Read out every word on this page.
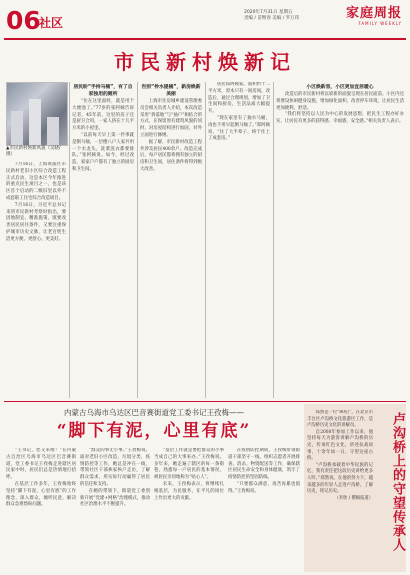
06
社区
2020年7月31日 星期五
责编 / 苗继春 美编 / 罗万玮	家庭周报
FAMILY WEEKLY
市民新村焕新记
▲市民新村焕新风貌（吴晓/摄）

7月16日，上海黄浦区市民新村老旧小区综合改造工程正式启动，这是本区今年推进的重点民生项目之一，也是该区首个启动的二级旧里以外不成套职工住宅综合改造项目。

7月16日，习近平总书记来到市民新村考察时指出，要因地制宜、精准施策，既要改善居民居住条件，又要注重保护城市历史文脉，让老百姓生活更方便、更舒心、更美好。

居民盼“手持马桶”，有了自家独用的厕所

“住在这里面时，就是用个大便池了。”77岁的张阿姨告诉记者，45年前，这里的房子还是厨卫合用，一家人挤在十几平方米的小屋里。

“以前每天早上第一件事就是倒马桶，一层楼八户人家共用一个水龙头，洗菜洗衣都要排队。”张阿姨说。如今，经过改造，家家户户都有了独立的厨房和卫生间。

告别“拎水提桶”，新房焕新美丽

上海市住房城乡建设管理委员会相关负责人介绍，本次改造采用“拆落地”与“抽户”相结合的方式，在保留原有建筑风貌的同时，对房屋结构进行加固，对外立面进行修缮。

据了解，市民新村改造工程共涉及居民400余户。改造完成后，每户居民都将拥有独立的厨房和卫生间，居住条件将得到极大改善。

居民郑阿姨家，面积约十二平方米，原本只有一间房间。改造后，通过合理规划，增加了卫生间和厨房，生活品质大幅提升。

“现在家里有了抽水马桶，再也不用早起倒马桶了。”郑阿姨说，“住了大半辈子，终于住上了成套房。”

小区焕新容，小区更加宜居暖心

改造后的市民新村将以崭新的面貌呈现在居民面前。小区内还将增设休闲健身设施、增加绿化面积、改善停车环境，让居民生活更加便利、舒适。

“我们将坚持以人民为中心的发展思想，把民生工程办好办实，让居民有更多的获得感、幸福感、安全感。”相关负责人表示。

内蒙古乌海市乌达区巴音赛街道党工委书记王孜梅——
“脚下有泥，心里有底”

“王书记，您又来啦！”在内蒙古自治区乌海市乌达区巴音赛街道，党工委书记王孜梅走进辖区居民家中时，居民们总是热情地打招呼。

在基层工作多年，王孜梅始终坚持“脚下有泥，心里有底”的工作理念，深入群众，倾听民意，解决群众急难愁盼问题。

“群众的事无小事。”王孜梅说。面对老旧小区改造、垃圾分类、疫情防控等工作，她总是冲在一线，带领社区干部挨家挨户走访，了解群众需求，用实际行动赢得了居民的信任和支持。

在她的带领下，街道党工委创新开展“党建+网格”治理模式，推动社区治理水平不断提升。

“基层工作就是要把群众的小事当成自己的大事来办。”王孜梅说。多年来，她走遍了辖区的每一条街巷，熟悉每一户居民的基本情况，被居民亲切地称为“贴心人”。

未来，王孜梅表示，将继续扎根基层，为民服务，在平凡的岗位上作出更大的贡献。

在疫情防控期间，王孜梅带领街道干部坚守一线，组织志愿者开展排查、消杀、物资配送等工作，确保辖区居民生命安全和身体健康，筑牢了疫情防控的坚固防线。

“只要群众满意，再苦再累也值得。”王孜梅说。	卢沟桥上的守望传承人

郑然是一位“80后”，在北京市丰台区卢沟桥文化旅游区工作，是卢沟桥历史文化的讲解员。

自2008年参加工作以来，他坚持每天为游客讲解卢沟桥的历史，传承红色文化，讲述抗战故事，十余年如一日，守望这座古桥。

“卢沟桥承载着中华民族的记忆，我有责任把这段历史讲给更多人听。”郑然说。在他的努力下，越来越多的年轻人走进卢沟桥，了解历史，铭记历史。

（李欣 / 撰稿报道）
